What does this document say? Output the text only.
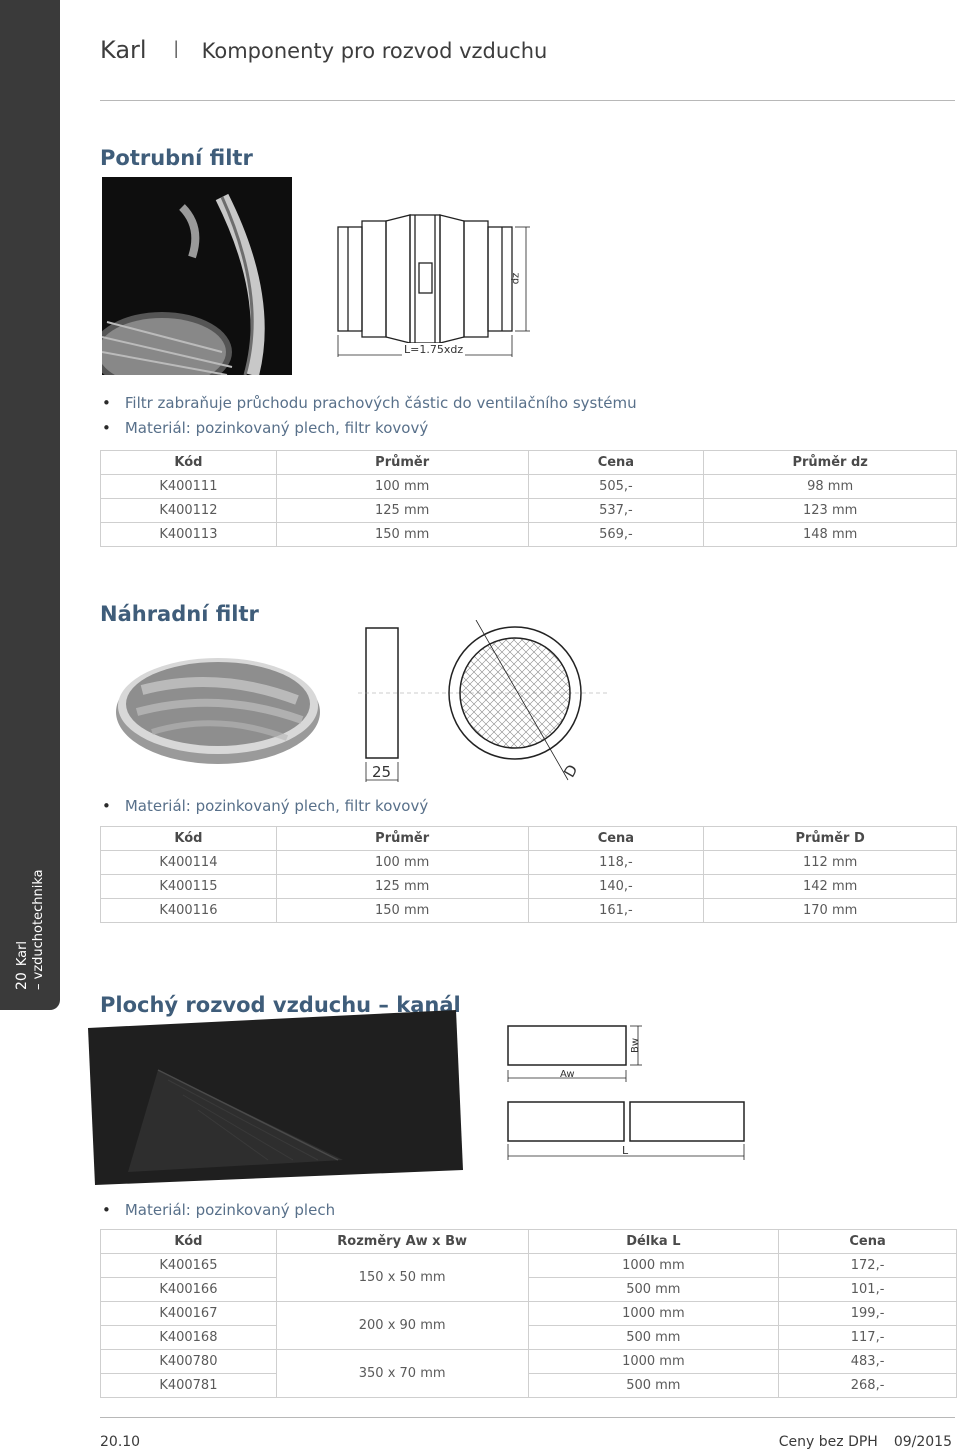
20Karl
– vzduchotechnika
Karl I Komponenty pro rozvod vzduchu
Potrubní filtr
dz
L=1.75xdz
• Filtr zabraňuje průchodu prachových částic do ventilačního systému
• Materiál: pozinkovaný plech, filtr kovový
Kód	Průměr	Cena	Průměr dz
K400111	100 mm	505,-	98 mm
K400112	125 mm	537,-	123 mm
K400113	150 mm	569,-	148 mm
Náhradní filtr
25	D
• Materiál: pozinkovaný plech, filtr kovový
Kód	Průměr	Cena	Průměr D
K400114	100 mm	118,-	112 mm
K400115	125 mm	140,-	142 mm
K400116	150 mm	161,-	170 mm
Plochý rozvod vzduchu – kanál
Bw
Aw
L
• Materiál: pozinkovaný plech
Kód	Rozměry Aw x Bw	Délka L	Cena
K400165	150 x 50 mm	1000 mm	172,-
K400166		500 mm	101,-
K400167	200 x 90 mm	1000 mm	199,-
K400168		500 mm	117,-
K400780	350 x 70 mm	1000 mm	483,-
K400781		500 mm	268,-
20.10	Ceny bez DPH 09/2015
